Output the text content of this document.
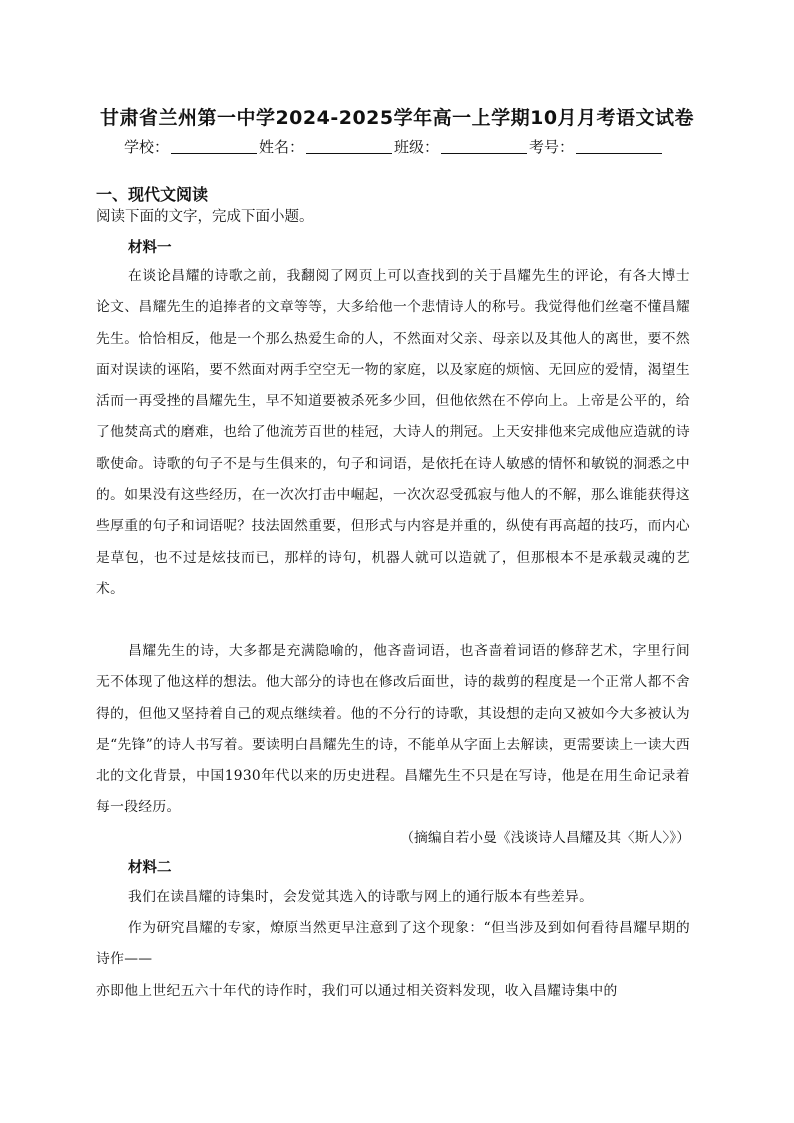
甘肃省兰州第一中学2024-2025学年高一上学期10月月考语文试卷
学校：	姓名：	班级：	考号：
一、现代文阅读
阅读下面的文字，完成下面小题。
材料一
在谈论昌耀的诗歌之前，我翻阅了网页上可以查找到的关于昌耀先生的评论，有各大博士论文、昌耀先生的追捧者的文章等等，大多给他一个悲情诗人的称号。我觉得他们丝毫不懂昌耀先生。恰恰相反，他是一个那么热爱生命的人，不然面对父亲、母亲以及其他人的离世，要不然面对误读的诬陷，要不然面对两手空空无一物的家庭，以及家庭的烦恼、无回应的爱情，渴望生活而一再受挫的昌耀先生，早不知道要被杀死多少回，但他依然在不停向上。上帝是公平的，给了他焚高式的磨难，也给了他流芳百世的桂冠，大诗人的荆冠。上天安排他来完成他应造就的诗歌使命。诗歌的句子不是与生俱来的，句子和词语，是依托在诗人敏感的情怀和敏锐的洞悉之中的。如果没有这些经历，在一次次打击中崛起，一次次忍受孤寂与他人的不解，那么谁能获得这些厚重的句子和词语呢？技法固然重要，但形式与内容是并重的，纵使有再高超的技巧，而内心是草包，也不过是炫技而已，那样的诗句，机器人就可以造就了，但那根本不是承载灵魂的艺术。
昌耀先生的诗，大多都是充满隐喻的，他吝啬词语，也吝啬着词语的修辞艺术，字里行间无不体现了他这样的想法。他大部分的诗也在修改后面世，诗的裁剪的程度是一个正常人都不舍得的，但他又坚持着自己的观点继续着。他的不分行的诗歌，其设想的走向又被如今大多被认为是“先锋”的诗人书写着。要读明白昌耀先生的诗，不能单从字面上去解读，更需要读上一读大西北的文化背景，中国1930年代以来的历史进程。昌耀先生不只是在写诗，他是在用生命记录着每一段经历。
（摘编自若小曼《浅谈诗人昌耀及其〈斯人〉》）
材料二
我们在读昌耀的诗集时，会发觉其选入的诗歌与网上的通行版本有些差异。
作为研究昌耀的专家，燎原当然更早注意到了这个现象：“但当涉及到如何看待昌耀早期的诗作——
亦即他上世纪五六十年代的诗作时，我们可以通过相关资料发现，收入昌耀诗集中的
